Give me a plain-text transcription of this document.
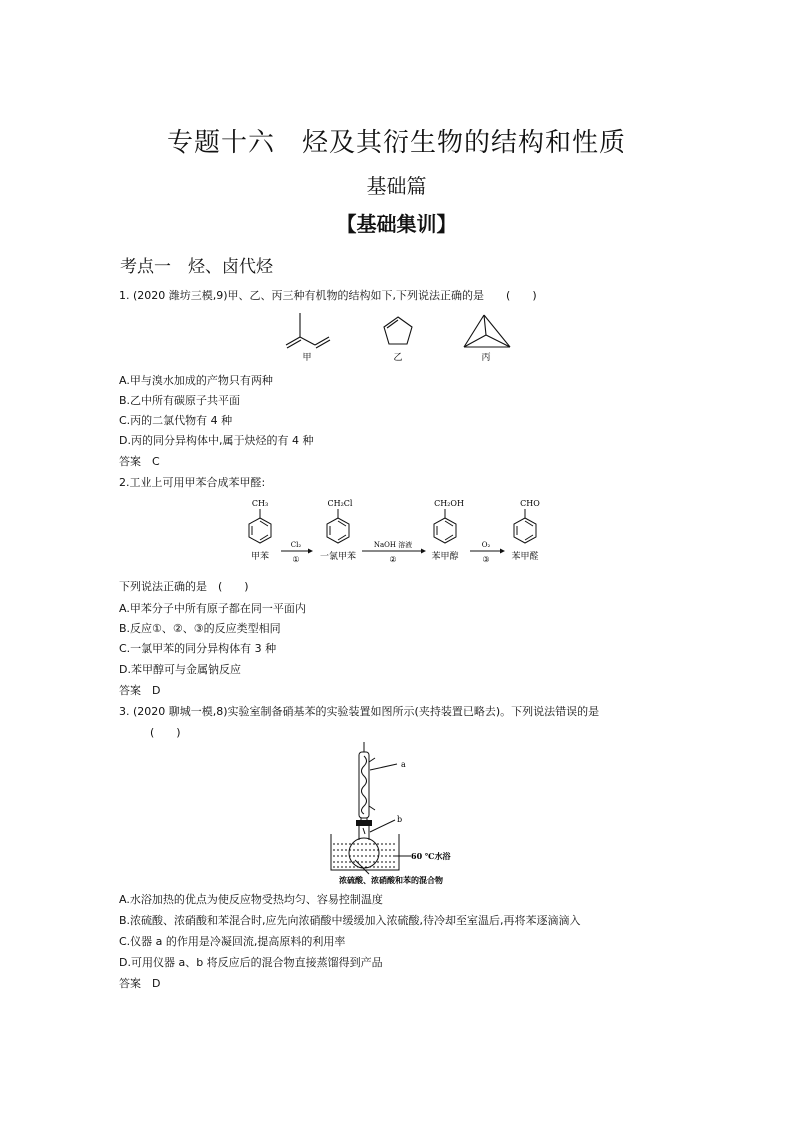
专题十六　烃及其衍生物的结构和性质
基础篇
【基础集训】
考点一　烃、卤代烃
1. (2020 潍坊三模,9)甲、乙、丙三种有机物的结构如下,下列说法正确的是　　(　　)
甲	乙	丙
A.甲与溴水加成的产物只有两种
B.乙中所有碳原子共平面
C.丙的二氯代物有 4 种
D.丙的同分异构体中,属于炔烃的有 4 种
答案　C
2.工业上可用甲苯合成苯甲醛:
CH₃
甲苯
Cl₂
①
CH₂Cl
一氯甲苯
NaOH 溶液
②
CH₂OH
苯甲醇
O₂
③
CHO
苯甲醛
下列说法正确的是　(　　)
A.甲苯分子中所有原子都在同一平面内
B.反应①、②、③的反应类型相同
C.一氯甲苯的同分异构体有 3 种
D.苯甲醇可与金属钠反应
答案　D
3. (2020 聊城一模,8)实验室制备硝基苯的实验装置如图所示(夹持装置已略去)。下列说法错误的是
(　　)
a
b
60 ℃水浴
浓硫酸、浓硝酸和苯的混合物
A.水浴加热的优点为使反应物受热均匀、容易控制温度
B.浓硫酸、浓硝酸和苯混合时,应先向浓硝酸中缓缓加入浓硫酸,待冷却至室温后,再将苯逐滴滴入
C.仪器 a 的作用是冷凝回流,提高原料的利用率
D.可用仪器 a、b 将反应后的混合物直接蒸馏得到产品
答案　D
